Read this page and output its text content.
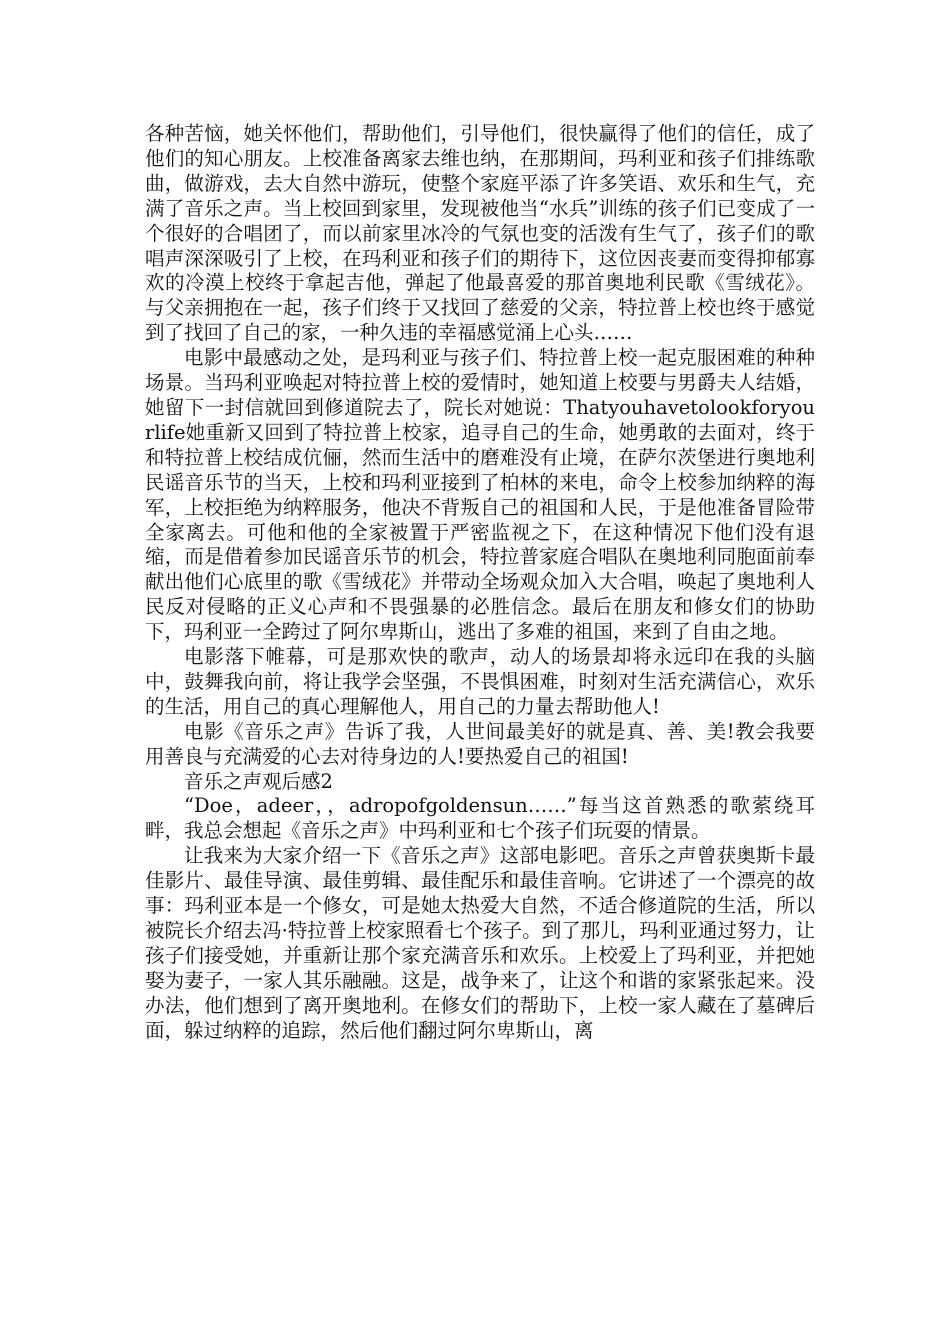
各种苦恼，她关怀他们，帮助他们，引导他们，很快赢得了他们的信任，成了他们的知心朋友。上校准备离家去维也纳，在那期间，玛利亚和孩子们排练歌曲，做游戏，去大自然中游玩，使整个家庭平添了许多笑语、欢乐和生气，充满了音乐之声。当上校回到家里，发现被他当“水兵”训练的孩子们已变成了一个很好的合唱团了，而以前家里冰冷的气氛也变的活泼有生气了，孩子们的歌唱声深深吸引了上校，在玛利亚和孩子们的期待下，这位因丧妻而变得抑郁寡欢的冷漠上校终于拿起吉他，弹起了他最喜爱的那首奥地利民歌《雪绒花》。与父亲拥抱在一起，孩子们终于又找回了慈爱的父亲，特拉普上校也终于感觉到了找回了自己的家，一种久违的幸福感觉涌上心头……

电影中最感动之处，是玛利亚与孩子们、特拉普上校一起克服困难的种种场景。当玛利亚唤起对特拉普上校的爱情时，她知道上校要与男爵夫人结婚，她留下一封信就回到修道院去了，院长对她说：Thatyouhavetolookforyourlife她重新又回到了特拉普上校家，追寻自己的生命，她勇敢的去面对，终于和特拉普上校结成伉俪，然而生活中的磨难没有止境，在萨尔茨堡进行奥地利民谣音乐节的当天，上校和玛利亚接到了柏林的来电，命令上校参加纳粹的海军，上校拒绝为纳粹服务，他决不背叛自己的祖国和人民，于是他准备冒险带全家离去。可他和他的全家被置于严密监视之下，在这种情况下他们没有退缩，而是借着参加民谣音乐节的机会，特拉普家庭合唱队在奥地利同胞面前奉献出他们心底里的歌《雪绒花》并带动全场观众加入大合唱，唤起了奥地利人民反对侵略的正义心声和不畏强暴的必胜信念。最后在朋友和修女们的协助下，玛利亚一全跨过了阿尔卑斯山，逃出了多难的祖国，来到了自由之地。

电影落下帷幕，可是那欢快的歌声，动人的场景却将永远印在我的头脑中，鼓舞我向前，将让我学会坚强，不畏惧困难，时刻对生活充满信心，欢乐的生活，用自己的真心理解他人，用自己的力量去帮助他人!

电影《音乐之声》告诉了我，人世间最美好的就是真、善、美!教会我要用善良与充满爱的心去对待身边的人!要热爱自己的祖国!

音乐之声观后感2

“Doe，adeer，，adropofgoldensun……”每当这首熟悉的歌萦绕耳畔，我总会想起《音乐之声》中玛利亚和七个孩子们玩耍的情景。

让我来为大家介绍一下《音乐之声》这部电影吧。音乐之声曾获奥斯卡最佳影片、最佳导演、最佳剪辑、最佳配乐和最佳音响。它讲述了一个漂亮的故事：玛利亚本是一个修女，可是她太热爱大自然，不适合修道院的生活，所以被院长介绍去冯·特拉普上校家照看七个孩子。到了那儿，玛利亚通过努力，让孩子们接受她，并重新让那个家充满音乐和欢乐。上校爱上了玛利亚，并把她娶为妻子，一家人其乐融融。这是，战争来了，让这个和谐的家紧张起来。没办法，他们想到了离开奥地利。在修女们的帮助下，上校一家人藏在了墓碑后面，躲过纳粹的追踪，然后他们翻过阿尔卑斯山，离
